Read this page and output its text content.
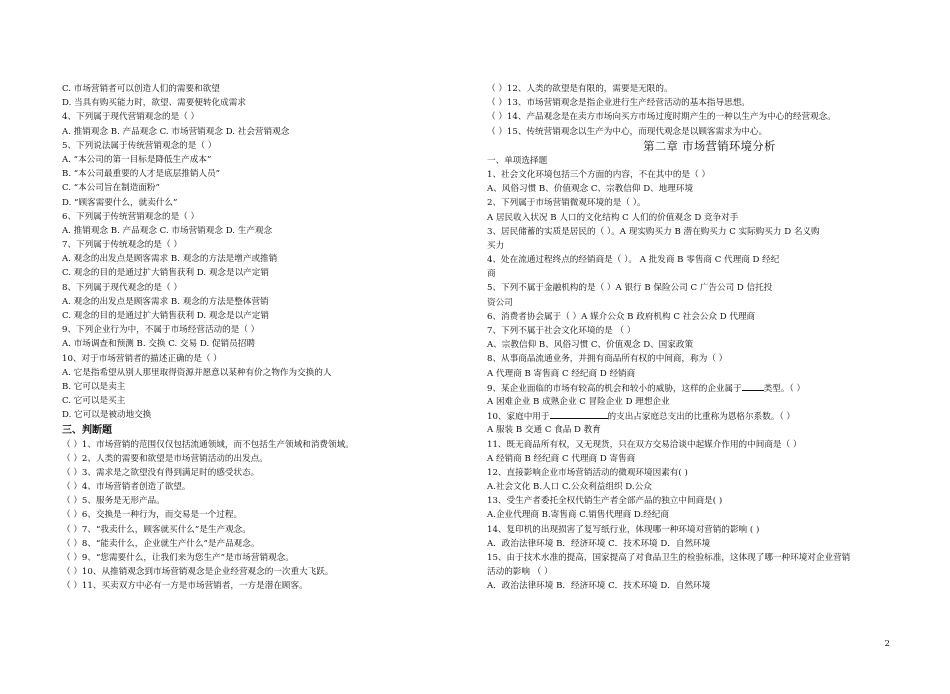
C. 市场营销者可以创造人们的需要和欲望
D. 当具有购买能力时，欲望、需要便转化成需求
4、下列属于现代营销观念的是（ ）
A. 推销观念 B. 产品观念 C. 市场营销观念 D. 社会营销观念
5、下列说法属于传统营销观念的是（ ）
A. “本公司的第一目标是降低生产成本”
B. “本公司最重要的人才是底层推销人员”
C. “本公司旨在制造面粉”
D. “顾客需要什么，就卖什么”
6、下列属于传统营销观念的是（ ）
A. 推销观念 B. 产品观念 C. 市场营销观念 D. 生产观念
7、下列属于传统观念的是（ ）
A. 观念的出发点是顾客需求 B. 观念的方法是增产或推销
C. 观念的目的是通过扩大销售获利 D. 观念是以产定销
8、下列属于现代观念的是（ ）
A. 观念的出发点是顾客需求 B. 观念的方法是整体营销
C. 观念的目的是通过扩大销售获利 D. 观念是以产定销
9、下列企业行为中，不属于市场经营活动的是（ ）
A. 市场调查和预测 B. 交换 C. 交易 D. 促销员招聘
10、对于市场营销者的描述正确的是（ ）
A. 它是指希望从别人那里取得资源并愿意以某种有价之物作为交换的人
B. 它可以是卖主
C. 它可以是买主
D. 它可以是被动地交换
三、判断题
（ ）1、市场营销的范围仅仅包括流通领域，而不包括生产领域和消费领域。
（ ）2、人类的需要和欲望是市场营销活动的出发点。
（ ）3、需求是之欲望没有得到满足时的感受状态。
（ ）4、市场营销者创造了欲望。
（ ）5、服务是无形产品。
（ ）6、交换是一种行为，而交易是一个过程。
（ ）7、“我卖什么，顾客就买什么”是生产观念。
（ ）8、“能卖什么，企业就生产什么”是产品观念。
（ ）9、“您需要什么，让我们来为您生产”是市场营销观念。
（ ）10、从推销观念到市场营销观念是企业经营观念的一次重大飞跃。
（ ）11、买卖双方中必有一方是市场营销者，一方是潜在顾客。
（ ）12、人类的欲望是有限的，需要是无限的。
（ ）13、市场营销观念是指企业进行生产经营活动的基本指导思想。
（ ）14、产品观念是在卖方市场向买方市场过度时期产生的一种以生产为中心的经营观念。
（ ）15、传统营销观念以生产为中心，而现代观念是以顾客需求为中心。
第二章 市场营销环境分析
一、单项选择题
1、社会文化环境包括三个方面的内容，不在其中的是（ ）
A、风俗习惯 B、价值观念 C、宗教信仰 D、地理环境
2、下列属于市场营销微观环境的是（ ）。
A 居民收入状况 B 人口的文化结构 C 人们的价值观念 D 竞争对手
3、居民储蓄的实质是居民的（ ）。A 现实购买力 B 潜在购买力 C 实际购买力 D 名义购
买力
4、处在流通过程终点的经销商是（ ）。 A 批发商 B 零售商 C 代理商 D 经纪
商
5、下列不属于金融机构的是（ ）A 银行 B 保险公司 C 广告公司 D 信托投
资公司
6、消费者协会属于（ ）A 媒介公众 B 政府机构 C 社会公众 D 代理商
7、下列不属于社会文化环境的是 （ ）
A、宗教信仰 B、风俗习惯 C、价值观念 D、国家政策
8、从事商品流通业务，并拥有商品所有权的中间商，称为（ ）
A 代理商 B 寄售商 C 经纪商 D 经销商
9、某企业面临的市场有较高的机会和较小的威胁，这样的企业属于	类型。（ ）
A 困难企业 B 成熟企业 C 冒险企业 D 理想企业
10、家庭中用于	的支出占家庭总支出的比重称为恩格尔系数。（ ）
A 服装 B 交通 C 食品 D 教育
11、既无商品所有权，又无现货，只在双方交易洽谈中起媒介作用的中间商是（ ）
A 经销商 B 经纪商 C 代理商 D 寄售商
12、直接影响企业市场营销活动的微观环境因素有( )
A.社会文化 B.人口 C.公众利益组织 D.公众
13、受生产者委托全权代销生产者全部产品的独立中间商是( )
A.企业代理商 B.寄售商 C.销售代理商 D.经纪商
14、复印机的出现损害了复写纸行业，体现哪一种环境对营销的影响 ( )
A．政治法律环境 B．经济环境 C．技术环境 D．自然环境
15、由于技术水准的提高，国家提高了对食品卫生的检验标准，这体现了哪一种环境对企业营销
活动的影响 （ ）
A．政治法律环境 B．经济环境 C．技术环境 D．自然环境
2
